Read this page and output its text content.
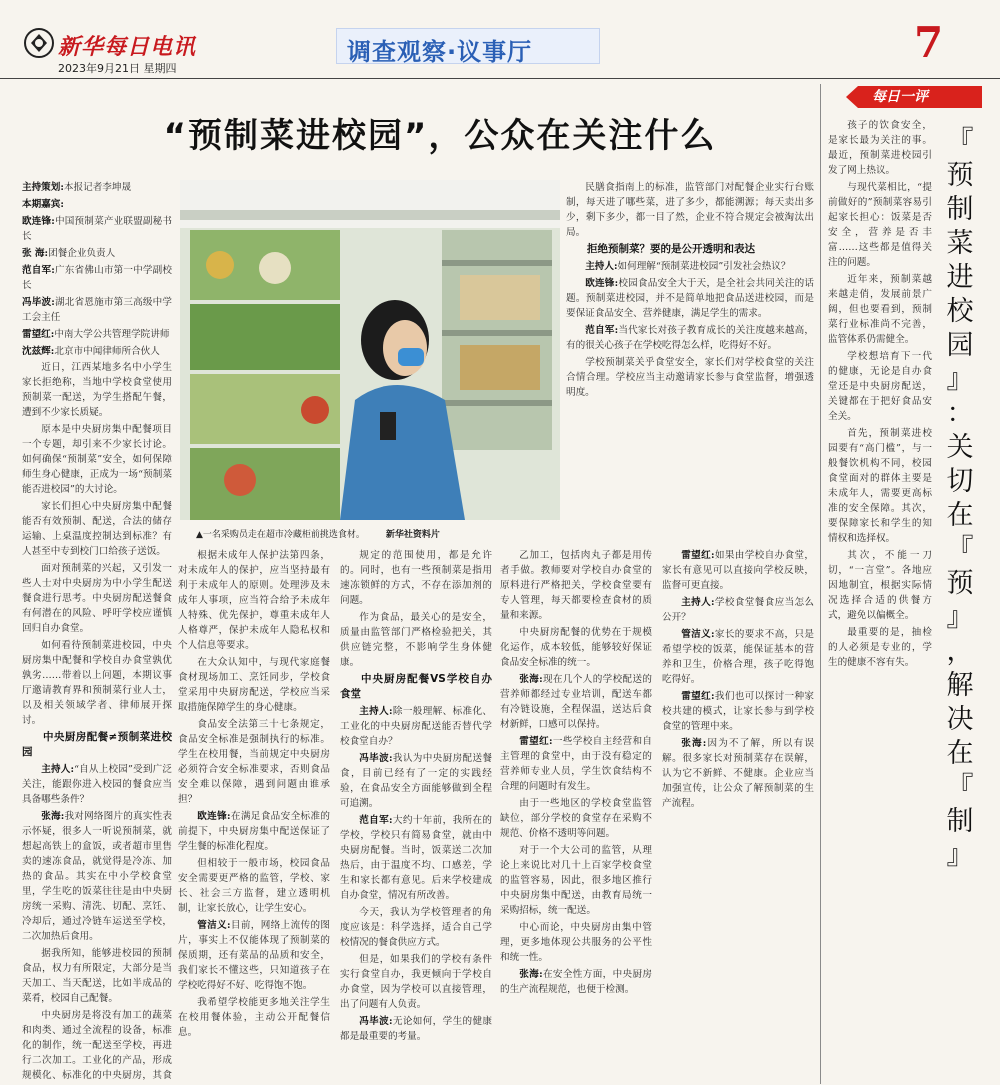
新华每日电讯
2023年9月21日 星期四
调查观察·议事厅	7
每日一评
“预制菜进校园”，公众在关注什么

主持策划:本报记者李坤晟

本期嘉宾:

欧连锋:中国预制菜产业联盟副秘书长

张 海:团餐企业负责人

范自军:广东省佛山市第一中学副校长

冯毕波:湖北省恩施市第三高级中学工会主任

雷望红:中南大学公共管理学院讲师

沈兹辉:北京市中闻律师所合伙人

近日，江西某地多名中小学生家长拒绝称，当地中学校食堂使用预制菜一配送，为学生搭配午餐，遭到不少家长质疑。

原本是中央厨房集中配餐项目一个专题，却引来不少家长讨论。如何确保“预制菜”安全，如何保障师生身心健康，正成为一场“预制菜能否进校园”的大讨论。

家长们担心中央厨房集中配餐能否有效预制、配送，合法的储存运输、上桌温度控制达到标准？有人甚至中专到校门口给孩子送饭。

面对预制菜的兴起，又引发一些人士对中央厨房为中小学生配送餐食进行思考。中央厨房配送餐食有何潜在的风险、呼吁学校应谨慎回归自办食堂。

如何看待预制菜进校园，中央厨房集中配餐和学校自办食堂孰优孰劣……带着以上问题，本期议事厅邀请教育界和预制菜行业人士，以及相关领域学者、律师展开探讨。

中央厨房配餐≠预制菜进校园

主持人:“自从上校园”受到广泛关注，能跟你进入校园的餐食应当具备哪些条件？

张海:我对网络图片的真实性表示怀疑，很多人一听说预制菜，就想起高铁上的盒饭，或者超市里售卖的速冻食品，就觉得是冷冻、加热的食品。其实在中小学校食堂里，学生吃的饭菜往往是由中央厨房统一采购、清洗、切配、烹饪、冷却后，通过冷链车运送至学校，二次加热后食用。

据我所知，能够进校园的预制食品，权力有所限定，大部分是当天加工、当天配送，比如半成品的菜肴，校园自己配餐。

中央厨房是将没有加工的蔬菜和肉类、通过全流程的设备，标准化的制作，统一配送至学校，再进行二次加工。工业化的产品，形成规模化、标准化的中央厨房，其食

▲一名采购员走在超市冷藏柜前挑选食材。 新华社资料片

根据未成年人保护法第四条，对未成年人的保护，应当坚持最有利于未成年人的原则。处理涉及未成年人事项，应当符合给予未成年人特殊、优先保护，尊重未成年人人格尊严，保护未成年人隐私权和个人信息等要求。

在大众认知中，与现代家庭餐食材现场加工、烹饪同步，学校食堂采用中央厨房配送，学校应当采取措施保障学生的身心健康。

食品安全法第三十七条规定，食品安全标准是强制执行的标准。学生在校用餐，当前规定中央厨房必须符合安全标准要求，否则食品安全难以保障，遇到问题由谁承担？

欧连锋:在满足食品安全标准的前提下，中央厨房集中配送保证了学生餐的标准化程度。

但相较于一般市场，校园食品安全需要更严格的监管，学校、家长、社会三方监督，建立透明机制，让家长放心，让学生安心。

管洁义:目前，网络上流传的图片，事实上不仅能体现了预制菜的保质期，还有菜品的品质和安全，我们家长不懂这些，只知道孩子在学校吃得好不好、吃得饱不饱。

我希望学校能更多地关注学生在校用餐体验，主动公开配餐信息。

规定的范围使用，都是允许的。同时，也有一些预制菜是指用速冻锁鲜的方式，不存在添加剂的问题。

作为食品，最关心的是安全，质量由监管部门严格检验把关，其供应链完整，不影响学生身体健康。

中央厨房配餐VS学校自办食堂

主持人:除一般理解、标准化、工业化的中央厨房配送能否替代学校食堂自办？

冯毕波:我认为中央厨房配送餐食，目前已经有了一定的实践经验，在食品安全方面能够做到全程可追溯。

范自军:大约十年前，我所在的学校，学校只有简易食堂，就由中央厨房配餐。当时，饭菜送二次加热后，由于温度不均、口感差，学生和家长都有意见。后来学校建成自办食堂，情况有所改善。

今天，我认为学校管理者的角度应该是：科学选择，适合自己学校情况的餐食供应方式。

但是，如果我们的学校有条件实行食堂自办，我更倾向于学校自办食堂，因为学校可以直接管理，出了问题有人负责。

冯毕波:无论如何，学生的健康都是最重要的考量。

乙加工，包括肉丸子都是用传者手做。教师要对学校自办食堂的原料进行严格把关，学校食堂要有专人管理，每天都要检查食材的质量和来源。

中央厨房配餐的优势在于规模化运作，成本较低，能够较好保证食品安全标准的统一。

张海:现在几个人的学校配送的营养师都经过专业培训，配送车都有冷链设施，全程保温，送达后食材新鲜，口感可以保持。

雷望红:一些学校自主经营和自主管理的食堂中，由于没有稳定的营养师专业人员，学生饮食结构不合理的问题时有发生。

由于一些地区的学校食堂监管缺位，部分学校的食堂存在采购不规范、价格不透明等问题。

对于一个大公司的监管，从理论上来说比对几十上百家学校食堂的监管容易，因此，很多地区推行中央厨房集中配送，由教育局统一采购招标，统一配送。

中心而论，中央厨房由集中管理，更多地体现公共服务的公平性和统一性。

张海:在安全性方面，中央厨房的生产流程规范，也便于检测。

民膳食指南上的标准，监管部门对配餐企业实行台账制，每天进了哪些菜，进了多少，都能溯源；每天卖出多少，剩下多少，都一目了然，企业不符合规定会被淘汰出局。

拒绝预制菜？要的是公开透明和表达

主持人:如何理解“预制菜进校园”引发社会热议？

欧连锋:校园食品安全大于天，是全社会共同关注的话题。预制菜进校园，并不是简单地把食品送进校园，而是要保证食品安全、营养健康，满足学生的需求。

范自军:当代家长对孩子教育成长的关注度越来越高，有的很关心孩子在学校吃得怎么样，吃得好不好。

学校预制菜关乎食堂安全，家长们对学校食堂的关注合情合理。学校应当主动邀请家长参与食堂监督，增强透明度。

雷望红:如果由学校自办食堂，家长有意见可以直接向学校反映，监督可更直接。

主持人:学校食堂餐食应当怎么公开？

管洁义:家长的要求不高，只是希望学校的饭菜，能保证基本的营养和卫生，价格合理，孩子吃得饱吃得好。

雷望红:我们也可以探讨一种家校共建的模式，让家长参与到学校食堂的管理中来。

张海:因为不了解，所以有误解。很多家长对预制菜存在误解，认为它不新鲜、不健康。企业应当加强宣传，让公众了解预制菜的生产流程。

孩子的饮食安全，是家长最为关注的事。最近，预制菜进校园引发了网上热议。

与现代菜相比，“提前做好的”预制菜容易引起家长担心：饭菜是否安全，营养是否丰富……这些都是值得关注的问题。

近年来，预制菜越来越走俏，发展前景广阔，但也要看到，预制菜行业标准尚不完善，监管体系仍需健全。

学校想培育下一代的健康，无论是自办食堂还是中央厨房配送，关键都在于把好食品安全关。

首先，预制菜进校园要有“高门槛”，与一般餐饮机构不同，校园食堂面对的群体主要是未成年人，需要更高标准的安全保障。其次，要保障家长和学生的知情权和选择权。

其次，不能一刀切，“一言堂”。各地应因地制宜，根据实际情况选择合适的供餐方式，避免以偏概全。

最重要的是，抽检的人必须是专业的，学生的健康不容有失。

『
预
制
菜
进
校
园
』
：
关
切
在
『
预
』
，
解
决
在
『
制
』
